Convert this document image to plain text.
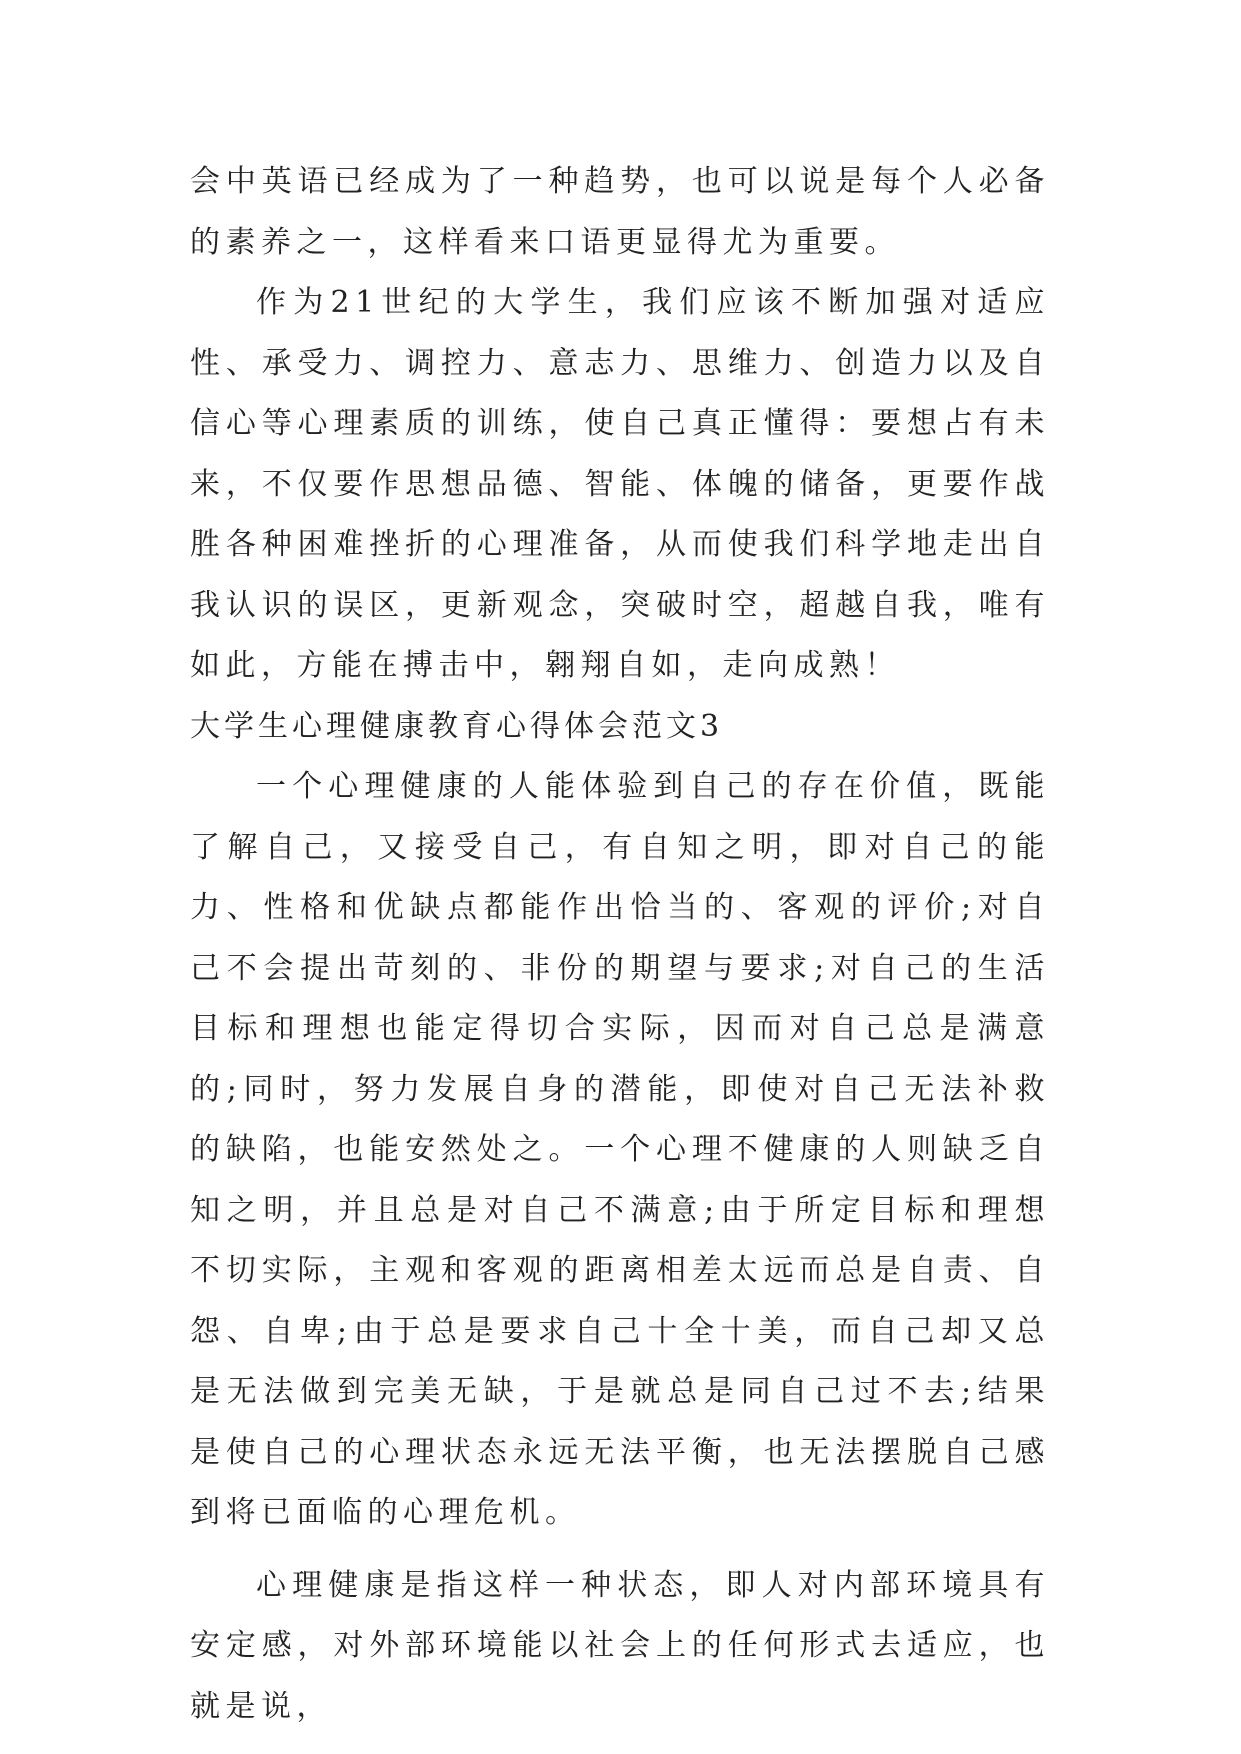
会中英语已经成为了一种趋势，也可以说是每个人必备的素养之一，这样看来口语更显得尤为重要。

作为21世纪的大学生，我们应该不断加强对适应性、承受力、调控力、意志力、思维力、创造力以及自信心等心理素质的训练，使自己真正懂得：要想占有未来，不仅要作思想品德、智能、体魄的储备，更要作战胜各种困难挫折的心理准备，从而使我们科学地走出自我认识的误区，更新观念，突破时空，超越自我，唯有如此，方能在搏击中，翱翔自如，走向成熟！

大学生心理健康教育心得体会范文3

一个心理健康的人能体验到自己的存在价值，既能了解自己，又接受自己，有自知之明，即对自己的能力、性格和优缺点都能作出恰当的、客观的评价;对自己不会提出苛刻的、非份的期望与要求;对自己的生活目标和理想也能定得切合实际，因而对自己总是满意的;同时，努力发展自身的潜能，即使对自己无法补救的缺陷，也能安然处之。一个心理不健康的人则缺乏自知之明，并且总是对自己不满意;由于所定目标和理想不切实际，主观和客观的距离相差太远而总是自责、自怨、自卑;由于总是要求自己十全十美，而自己却又总是无法做到完美无缺，于是就总是同自己过不去;结果是使自己的心理状态永远无法平衡，也无法摆脱自己感到将已面临的心理危机。

心理健康是指这样一种状态，即人对内部环境具有安定感，对外部环境能以社会上的任何形式去适应，也就是说，
